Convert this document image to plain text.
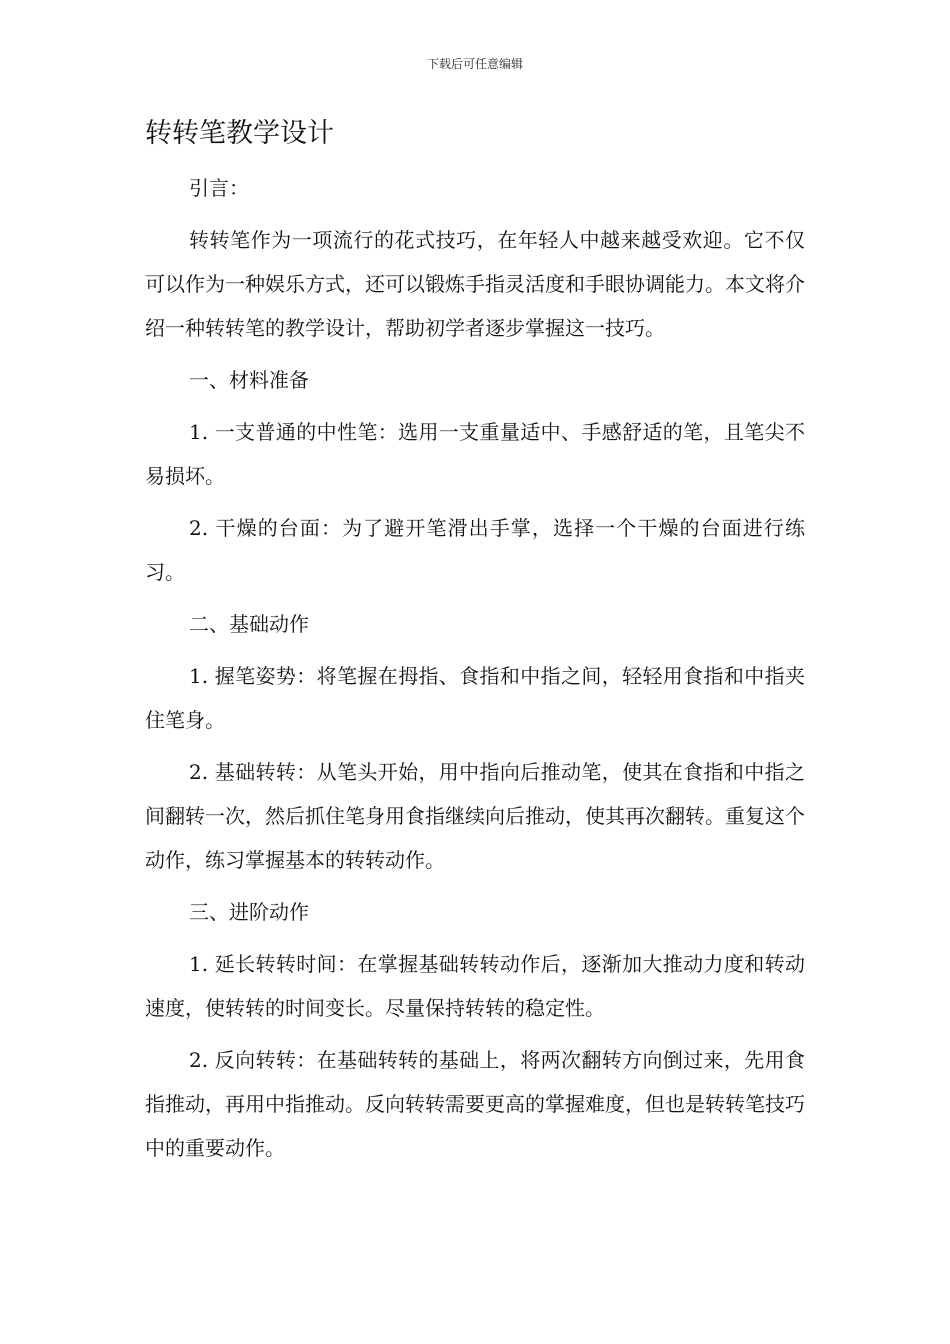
下载后可任意编辑
转转笔教学设计

引言：

转转笔作为一项流行的花式技巧，在年轻人中越来越受欢迎。它不仅可以作为一种娱乐方式，还可以锻炼手指灵活度和手眼协调能力。本文将介绍一种转转笔的教学设计，帮助初学者逐步掌握这一技巧。

一、材料准备

1. 一支普通的中性笔：选用一支重量适中、手感舒适的笔，且笔尖不易损坏。

2. 干燥的台面：为了避开笔滑出手掌，选择一个干燥的台面进行练习。

二、基础动作

1. 握笔姿势：将笔握在拇指、食指和中指之间，轻轻用食指和中指夹住笔身。

2. 基础转转：从笔头开始，用中指向后推动笔，使其在食指和中指之间翻转一次，然后抓住笔身用食指继续向后推动，使其再次翻转。重复这个动作，练习掌握基本的转转动作。

三、进阶动作

1. 延长转转时间：在掌握基础转转动作后，逐渐加大推动力度和转动速度，使转转的时间变长。尽量保持转转的稳定性。

2. 反向转转：在基础转转的基础上，将两次翻转方向倒过来，先用食指推动，再用中指推动。反向转转需要更高的掌握难度，但也是转转笔技巧中的重要动作。
